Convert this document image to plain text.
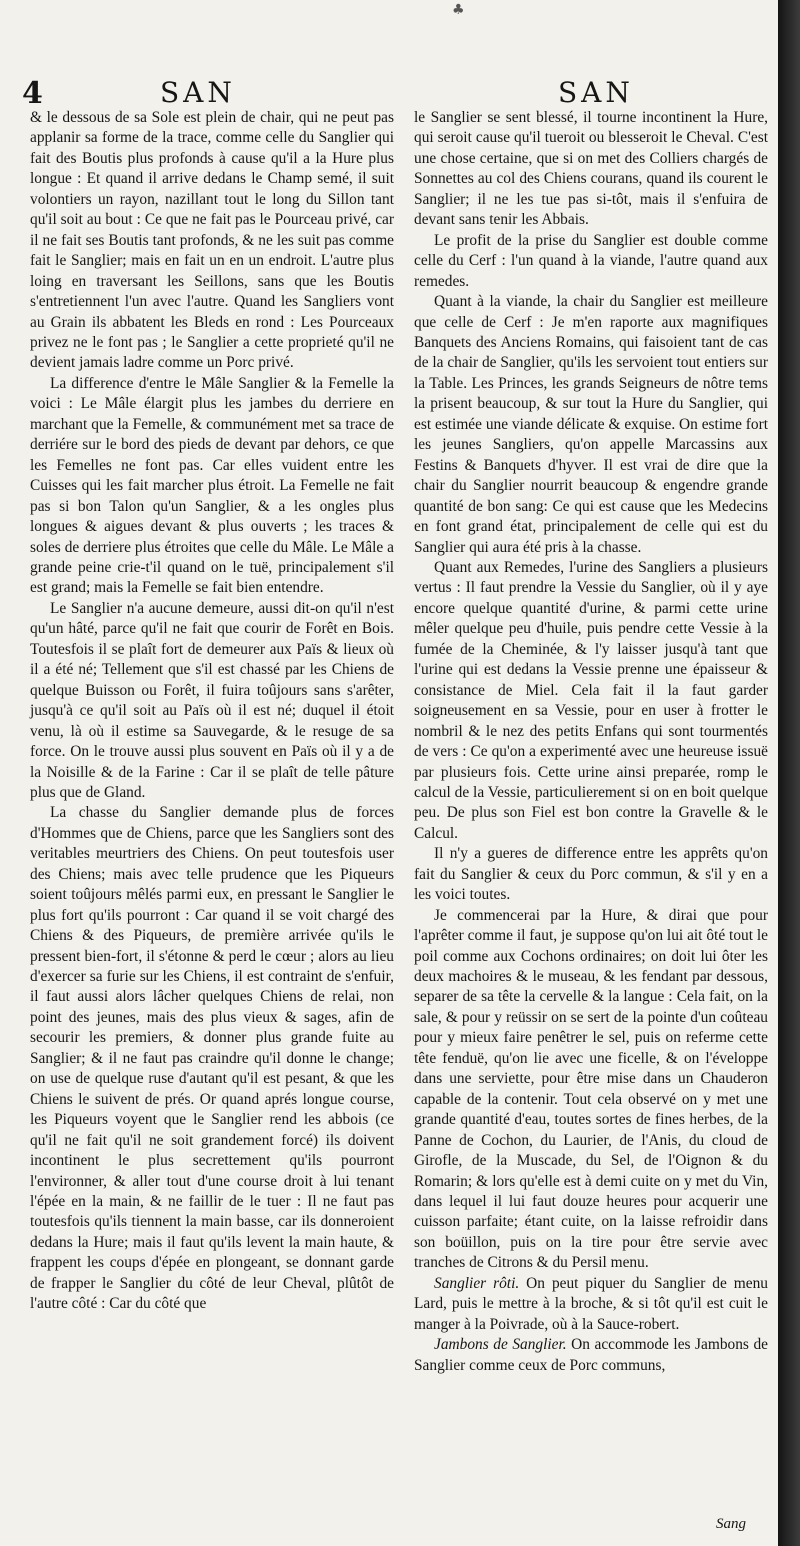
♣
4	SAN	SAN

& le dessous de sa Sole est plein de chair, qui ne peut pas applanir sa forme de la trace, comme celle du Sanglier qui fait des Boutis plus profonds à cause qu'il a la Hure plus longue : Et quand il arrive dedans le Champ semé, il suit volontiers un rayon, nazillant tout le long du Sillon tant qu'il soit au bout : Ce que ne fait pas le Pourceau privé, car il ne fait ses Boutis tant profonds, & ne les suit pas comme fait le Sanglier; mais en fait un en un endroit. L'autre plus loing en traversant les Seillons, sans que les Boutis s'entretiennent l'un avec l'autre. Quand les Sangliers vont au Grain ils abbatent les Bleds en rond : Les Pourceaux privez ne le font pas ; le Sanglier a cette proprieté qu'il ne devient jamais ladre comme un Porc privé.

La difference d'entre le Mâle Sanglier & la Femelle la voici : Le Mâle élargit plus les jambes du derriere en marchant que la Femelle, & communément met sa trace de derriére sur le bord des pieds de devant par dehors, ce que les Femelles ne font pas. Car elles vuident entre les Cuisses qui les fait marcher plus étroit. La Femelle ne fait pas si bon Talon qu'un Sanglier, & a les ongles plus longues & aigues devant & plus ouverts ; les traces & soles de derriere plus étroites que celle du Mâle. Le Mâle a grande peine crie-t'il quand on le tuë, principalement s'il est grand; mais la Femelle se fait bien entendre.

Le Sanglier n'a aucune demeure, aussi dit-on qu'il n'est qu'un hâté, parce qu'il ne fait que courir de Forêt en Bois. Toutesfois il se plaît fort de demeurer aux Païs & lieux où il a été né; Tellement que s'il est chassé par les Chiens de quelque Buisson ou Forêt, il fuira toûjours sans s'arêter, jusqu'à ce qu'il soit au Païs où il est né; duquel il étoit venu, là où il estime sa Sauvegarde, & le resuge de sa force. On le trouve aussi plus souvent en Païs où il y a de la Noisille & de la Farine : Car il se plaît de telle pâture plus que de Gland.

La chasse du Sanglier demande plus de forces d'Hommes que de Chiens, parce que les Sangliers sont des veritables meurtriers des Chiens. On peut toutesfois user des Chiens; mais avec telle prudence que les Piqueurs soient toûjours mêlés parmi eux, en pressant le Sanglier le plus fort qu'ils pourront : Car quand il se voit chargé des Chiens & des Piqueurs, de première arrivée qu'ils le pressent bien-fort, il s'étonne & perd le cœur ; alors au lieu d'exercer sa furie sur les Chiens, il est contraint de s'enfuir, il faut aussi alors lâcher quelques Chiens de relai, non point des jeunes, mais des plus vieux & sages, afin de secourir les premiers, & donner plus grande fuite au Sanglier; & il ne faut pas craindre qu'il donne le change; on use de quelque ruse d'autant qu'il est pesant, & que les Chiens le suivent de prés. Or quand aprés longue course, les Piqueurs voyent que le Sanglier rend les abbois (ce qu'il ne fait qu'il ne soit grandement forcé) ils doivent incontinent le plus secrettement qu'ils pourront l'environner, & aller tout d'une course droit à lui tenant l'épée en la main, & ne faillir de le tuer : Il ne faut pas toutesfois qu'ils tiennent la main basse, car ils donneroient dedans la Hure; mais il faut qu'ils levent la main haute, & frappent les coups d'épée en plongeant, se donnant garde de frapper le Sanglier du côté de leur Cheval, plûtôt de l'autre côté : Car du côté que

le Sanglier se sent blessé, il tourne incontinent la Hure, qui seroit cause qu'il tueroit ou blesseroit le Cheval. C'est une chose certaine, que si on met des Colliers chargés de Sonnettes au col des Chiens courans, quand ils courent le Sanglier; il ne les tue pas si-tôt, mais il s'enfuira de devant sans tenir les Abbais.

Le profit de la prise du Sanglier est double comme celle du Cerf : l'un quand à la viande, l'autre quand aux remedes.

Quant à la viande, la chair du Sanglier est meilleure que celle de Cerf : Je m'en raporte aux magnifiques Banquets des Anciens Romains, qui faisoient tant de cas de la chair de Sanglier, qu'ils les servoient tout entiers sur la Table. Les Princes, les grands Seigneurs de nôtre tems la prisent beaucoup, & sur tout la Hure du Sanglier, qui est estimée une viande délicate & exquise. On estime fort les jeunes Sangliers, qu'on appelle Marcassins aux Festins & Banquets d'hyver. Il est vrai de dire que la chair du Sanglier nourrit beaucoup & engendre grande quantité de bon sang: Ce qui est cause que les Medecins en font grand état, principalement de celle qui est du Sanglier qui aura été pris à la chasse.

Quant aux Remedes, l'urine des Sangliers a plusieurs vertus : Il faut prendre la Vessie du Sanglier, où il y aye encore quelque quantité d'urine, & parmi cette urine mêler quelque peu d'huile, puis pendre cette Vessie à la fumée de la Cheminée, & l'y laisser jusqu'à tant que l'urine qui est dedans la Vessie prenne une épaisseur & consistance de Miel. Cela fait il la faut garder soigneusement en sa Vessie, pour en user à frotter le nombril & le nez des petits Enfans qui sont tourmentés de vers : Ce qu'on a experimenté avec une heureuse issuë par plusieurs fois. Cette urine ainsi preparée, romp le calcul de la Vessie, particulierement si on en boit quelque peu. De plus son Fiel est bon contre la Gravelle & le Calcul.

Il n'y a gueres de difference entre les apprêts qu'on fait du Sanglier & ceux du Porc commun, & s'il y en a les voici toutes.

Je commencerai par la Hure, & dirai que pour l'aprêter comme il faut, je suppose qu'on lui ait ôté tout le poil comme aux Cochons ordinaires; on doit lui ôter les deux machoires & le museau, & les fendant par dessous, separer de sa tête la cervelle & la langue : Cela fait, on la sale, & pour y reüssir on se sert de la pointe d'un coûteau pour y mieux faire penêtrer le sel, puis on referme cette tête fenduë, qu'on lie avec une ficelle, & on l'éveloppe dans une serviette, pour être mise dans un Chauderon capable de la contenir. Tout cela observé on y met une grande quantité d'eau, toutes sortes de fines herbes, de la Panne de Cochon, du Laurier, de l'Anis, du cloud de Girofle, de la Muscade, du Sel, de l'Oignon & du Romarin; & lors qu'elle est à demi cuite on y met du Vin, dans lequel il lui faut douze heures pour acquerir une cuisson parfaite; étant cuite, on la laisse refroidir dans son boüillon, puis on la tire pour être servie avec tranches de Citrons & du Persil menu.

Sanglier rôti. On peut piquer du Sanglier de menu Lard, puis le mettre à la broche, & si tôt qu'il est cuit le manger à la Poivrade, où à la Sauce-robert.

Jambons de Sanglier. On accommode les Jambons de Sanglier comme ceux de Porc communs,

Sang
